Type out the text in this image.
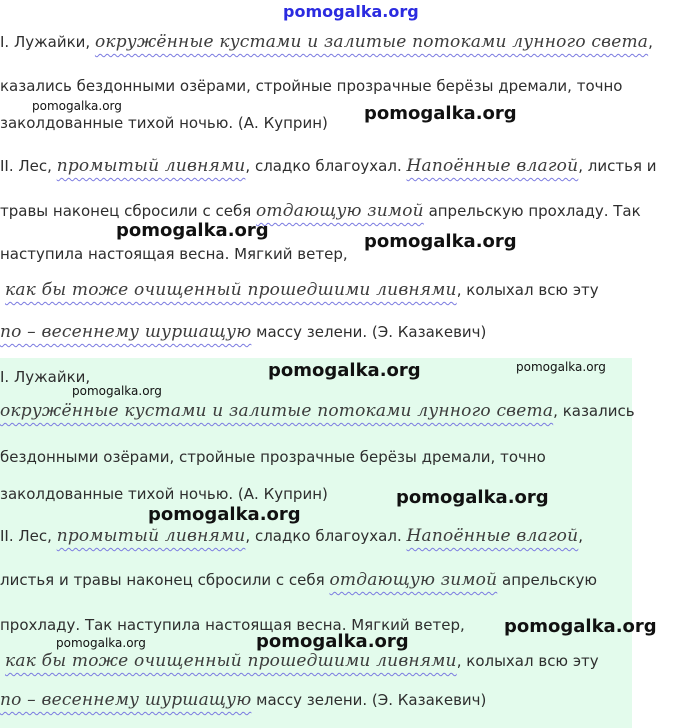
I. Лужайки, окружённые кустами и залитые потоками лунного света,
казались бездонными озёрами, стройные прозрачные берёзы дремали, точно
заколдованные тихой ночью. (А. Куприн)
II. Лес, промытый ливнями, сладко благоухал. Напоённые влагой, листья и
травы наконец сбросили с себя отдающую зимой апрельскую прохладу. Так
наступила настоящая весна. Мягкий ветер,
как бы тоже очищенный прошедшими ливнями, колыхал всю эту
по – весеннему шуршащую массу зелени. (Э. Казакевич)
I. Лужайки,
окружённые кустами и залитые потоками лунного света, казались
бездонными озёрами, стройные прозрачные берёзы дремали, точно
заколдованные тихой ночью. (А. Куприн)
II. Лес, промытый ливнями, сладко благоухал. Напоённые влагой,
листья и травы наконец сбросили с себя отдающую зимой апрельскую
прохладу. Так наступила настоящая весна. Мягкий ветер,
как бы тоже очищенный прошедшими ливнями, колыхал всю эту
по – весеннему шуршащую массу зелени. (Э. Казакевич)
pomogalka.org
pomogalka.org	pomogalka.org
pomogalka.org
pomogalka.org
pomogalka.org	pomogalka.org
pomogalka.org
pomogalka.org
pomogalka.org
pomogalka.org
pomogalka.org	pomogalka.org
